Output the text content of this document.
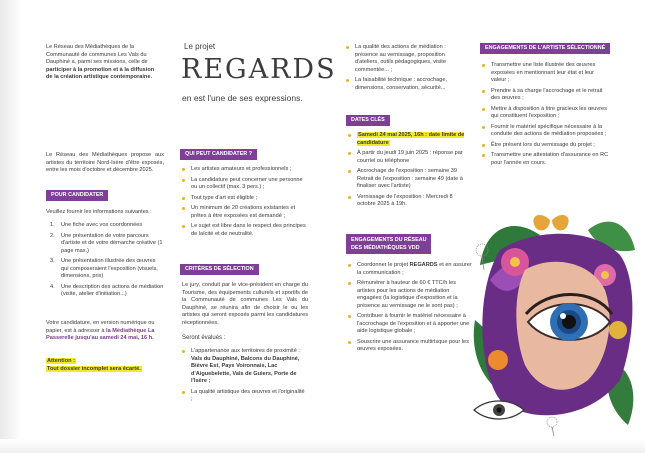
Le Réseau des Médiathèques de la Communauté de communes Les Vals du Dauphiné a, parmi ses missions, celle de participer à la promotion et à la diffusion de la création artistique contemporaine.
Le Réseau des Médiathèques propose aux artistes du territoire Nord-Isère d'être exposés, entre les mois d'octobre et décembre 2025.
POUR CANDIDATER
Veuillez fournir les informations suivantes :
1. Une fiche avec vos coordonnées
2. Une présentation de votre parcours d'artiste et de votre démarche créative (1 page max.)
3. Une présentation illustrée des œuvres qui composeraient l'exposition (visuels, dimensions, prix)
4. Une description des actions de médiation (visite, atelier d'initiation...)
Votre candidature, en version numérique ou papier, est à adresser à la Médiathèque La Passerelle jusqu'au samedi 24 mai, 16 h.
Attention :
Tout dossier incomplet sera écarté.
Le projet
REGARDS
en est l'une de ses expressions.
QUI PEUT CANDIDATER ?
Les artistes amateurs et professionnels ;
La candidature peut concerner une personne ou un collectif (max. 3 pers.) ;
Tout type d'art est éligible ;
Un minimum de 20 créations existantes et prêtes à être exposées est demandé ;
Le sujet est libre dans le respect des principes de laïcité et de neutralité.
CRITÈRES DE SÉLECTION
Le jury, conduit par le vice-président en charge du Tourisme, des équipements culturels et sportifs de la Communauté de communes Les Vals du Dauphiné, se réunira afin de choisir le ou les artistes qui seront exposés parmi les candidatures réceptionnées.
Seront évalués :
L'appartenance aux territoires de proximité : Vals du Dauphiné, Balcons du Dauphiné, Bièvre Est, Pays Voironnais, Lac d'Aiguebelette, Vals de Guiers, Porte de l'Isère ;
La qualité artistique des œuvres et l'originalité ;
La qualité des actions de médiation : présence au vernissage, proposition d'ateliers, outils pédagogiques, visite commentée... ;
La faisabilité technique : accrochage, dimensions, conservation, sécurité...
DATES CLÉS
Samedi 24 mai 2025, 16h : date limite de candidature
À partir du jeudi 19 juin 2025 : réponse par courriel ou téléphone
Accrochage de l'exposition : semaine 39 Retrait de l'exposition : semaine 49 (date à finaliser avec l'artiste)
Vernissage de l'exposition : Mercredi 8 octobre 2025 à 19h.
ENGAGEMENTS DU RÉSEAU
DES MÉDIATHÈQUES VDD
Coordonner le projet REGARDS et en assurer la communication ;
Rémunérer à hauteur de 60 € TTC/h les artistes pour les actions de médiation engagées (la logistique d'exposition et la présence au vernissage ne le sont pas) ;
Contribuer à fournir le matériel nécessaire à l'accrochage de l'exposition et à apporter une aide logistique globale ;
Souscrire une assurance multirisque pour les œuvres exposées.
ENGAGEMENTS DE L'ARTISTE SÉLECTIONNÉ
Transmettre une liste illustrée des œuvres exposées en mentionnant leur état et leur valeur ;
Prendre à sa charge l'accrochage et le retrait des œuvres ;
Mettre à disposition à titre gracieux les œuvres qui constituent l'exposition ;
Fournir le matériel spécifique nécessaire à la conduite des actions de médiation proposées ;
Être présent lors du vernissage du projet ;
Transmettre une attestation d'assurance en RC pour l'année en cours.
